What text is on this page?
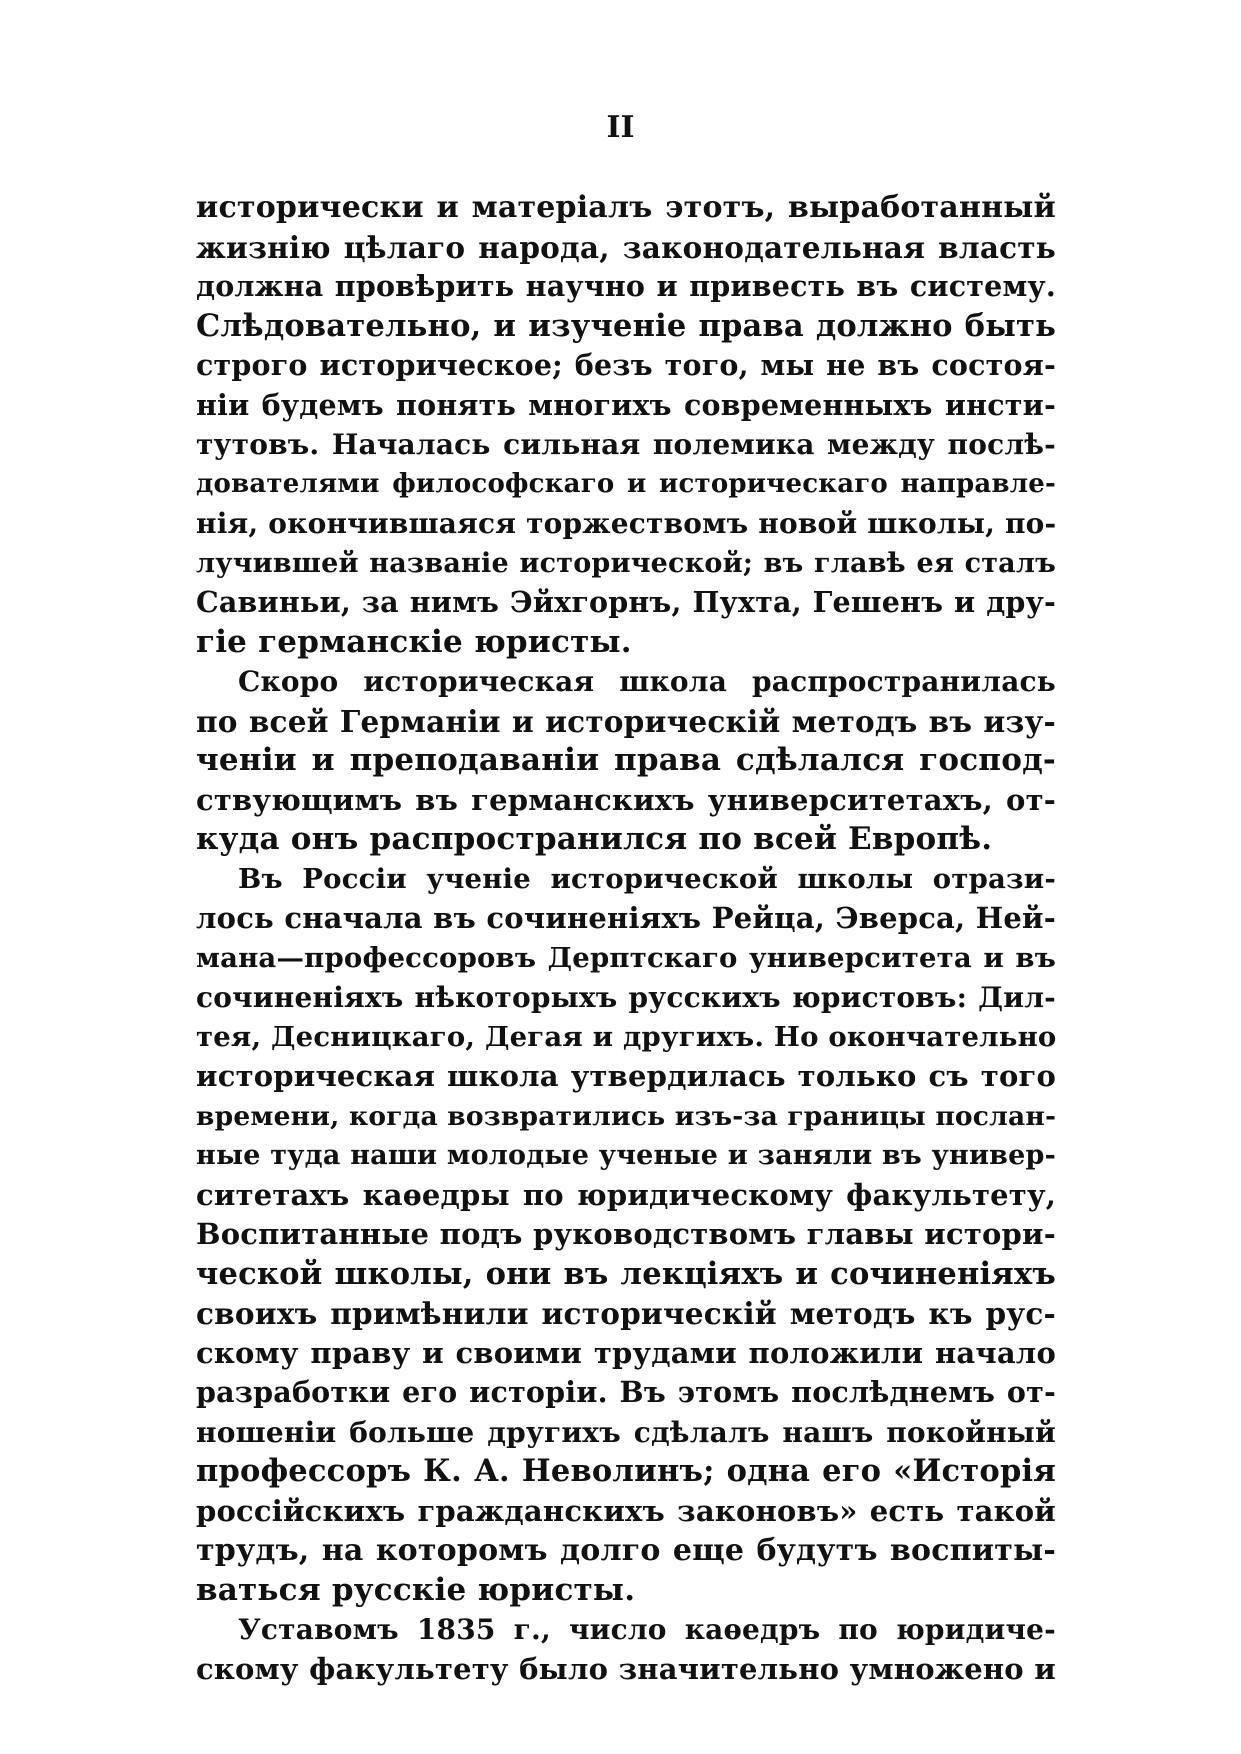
II
исторически и матеріалъ этотъ, выработанный
жизнію цѣлаго народа, законодательная власть
должна провѣрить научно и привесть въ систему.
Слѣдовательно, и изученіе права должно быть
строго историческое; безъ того, мы не въ состоя-
ніи будемъ понять многихъ современныхъ инсти-
тутовъ. Началась сильная полемика между послѣ-
дователями философскаго и историческаго направле-
нія, окончившаяся торжествомъ новой школы, по-
лучившей названіе исторической; въ главѣ ея сталъ
Савиньи, за нимъ Эйхгорнъ, Пухта, Гешенъ и дру-
гіе германскіе юристы.
Скоро историческая школа распространилась
по всей Германіи и историческій методъ въ изу-
ченіи и преподаваніи права сдѣлался господ-
ствующимъ въ германскихъ университетахъ, от-
куда онъ распространился по всей Европѣ.
Въ Россіи ученіе исторической школы отрази-
лось сначала въ сочиненіяхъ Рейца, Эверса, Ней-
мана—профессоровъ Дерптскаго университета и въ
сочиненіяхъ нѣкоторыхъ русскихъ юристовъ: Дил-
тея, Десницкаго, Дегая и другихъ. Но окончательно
историческая школа утвердилась только съ того
времени, когда возвратились изъ-за границы послан-
ные туда наши молодые ученые и заняли въ универ-
ситетахъ каѳедры по юридическому факультету,
Воспитанные подъ руководствомъ главы истори-
ческой школы, они въ лекціяхъ и сочиненіяхъ
своихъ примѣнили историческій методъ къ рус-
скому праву и своими трудами положили начало
разработки его исторіи. Въ этомъ послѣднемъ от-
ношеніи больше другихъ сдѣлалъ нашъ покойный
профессоръ К. А. Неволинъ; одна его «Исторія
россійскихъ гражданскихъ законовъ» есть такой
трудъ, на которомъ долго еще будутъ воспиты-
ваться русскіе юристы.
Уставомъ 1835 г., число каѳедръ по юридиче-
скому факультету было значительно умножено и
